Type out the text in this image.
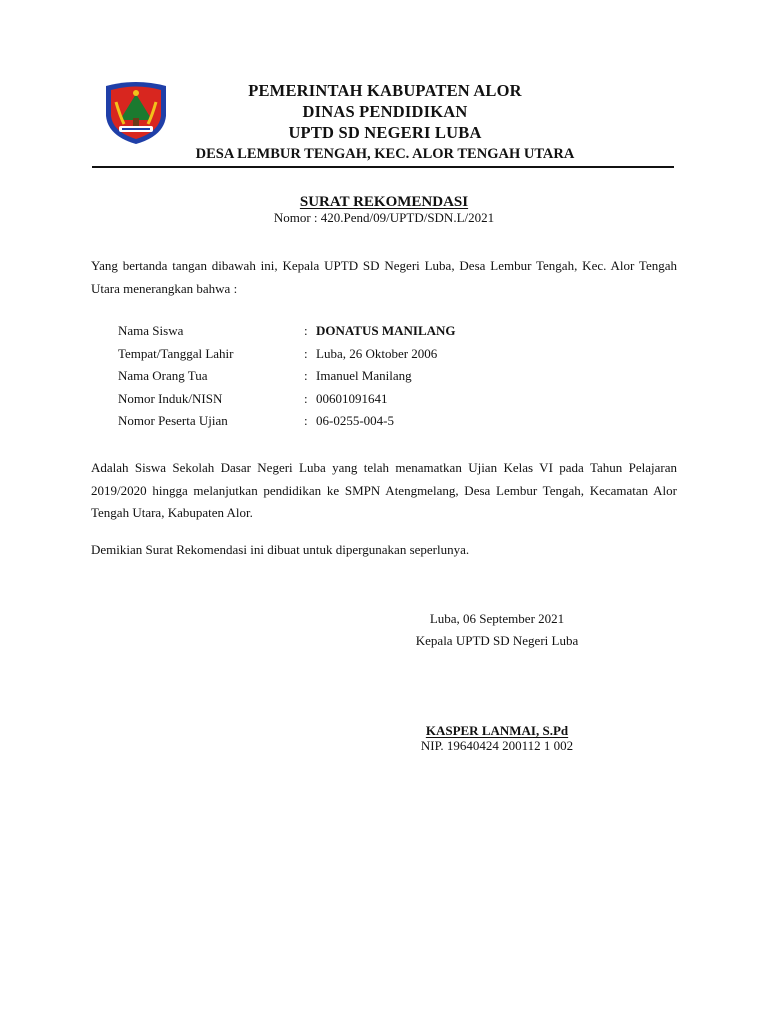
PEMERINTAH KABUPATEN ALOR
DINAS PENDIDIKAN
UPTD SD NEGERI LUBA
DESA LEMBUR TENGAH, KEC. ALOR TENGAH UTARA
SURAT REKOMENDASI
Nomor : 420.Pend/09/UPTD/SDN.L/2021
Yang bertanda tangan dibawah ini, Kepala UPTD SD Negeri Luba, Desa Lembur Tengah, Kec. Alor Tengah Utara menerangkan bahwa :
Nama Siswa	: DONATUS MANILANG
Tempat/Tanggal Lahir	: Luba, 26 Oktober 2006
Nama Orang Tua	: Imanuel Manilang
Nomor Induk/NISN	: 00601091641
Nomor Peserta Ujian	: 06-0255-004-5
Adalah Siswa Sekolah Dasar Negeri Luba yang telah menamatkan Ujian Kelas VI pada Tahun Pelajaran 2019/2020 hingga melanjutkan pendidikan ke SMPN Atengmelang, Desa Lembur Tengah, Kecamatan Alor Tengah Utara, Kabupaten Alor.
Demikian Surat Rekomendasi ini dibuat untuk dipergunakan seperlunya.
Luba, 06 September 2021
Kepala UPTD SD Negeri Luba
KASPER LANMAI, S.Pd
NIP. 19640424 200112 1 002
